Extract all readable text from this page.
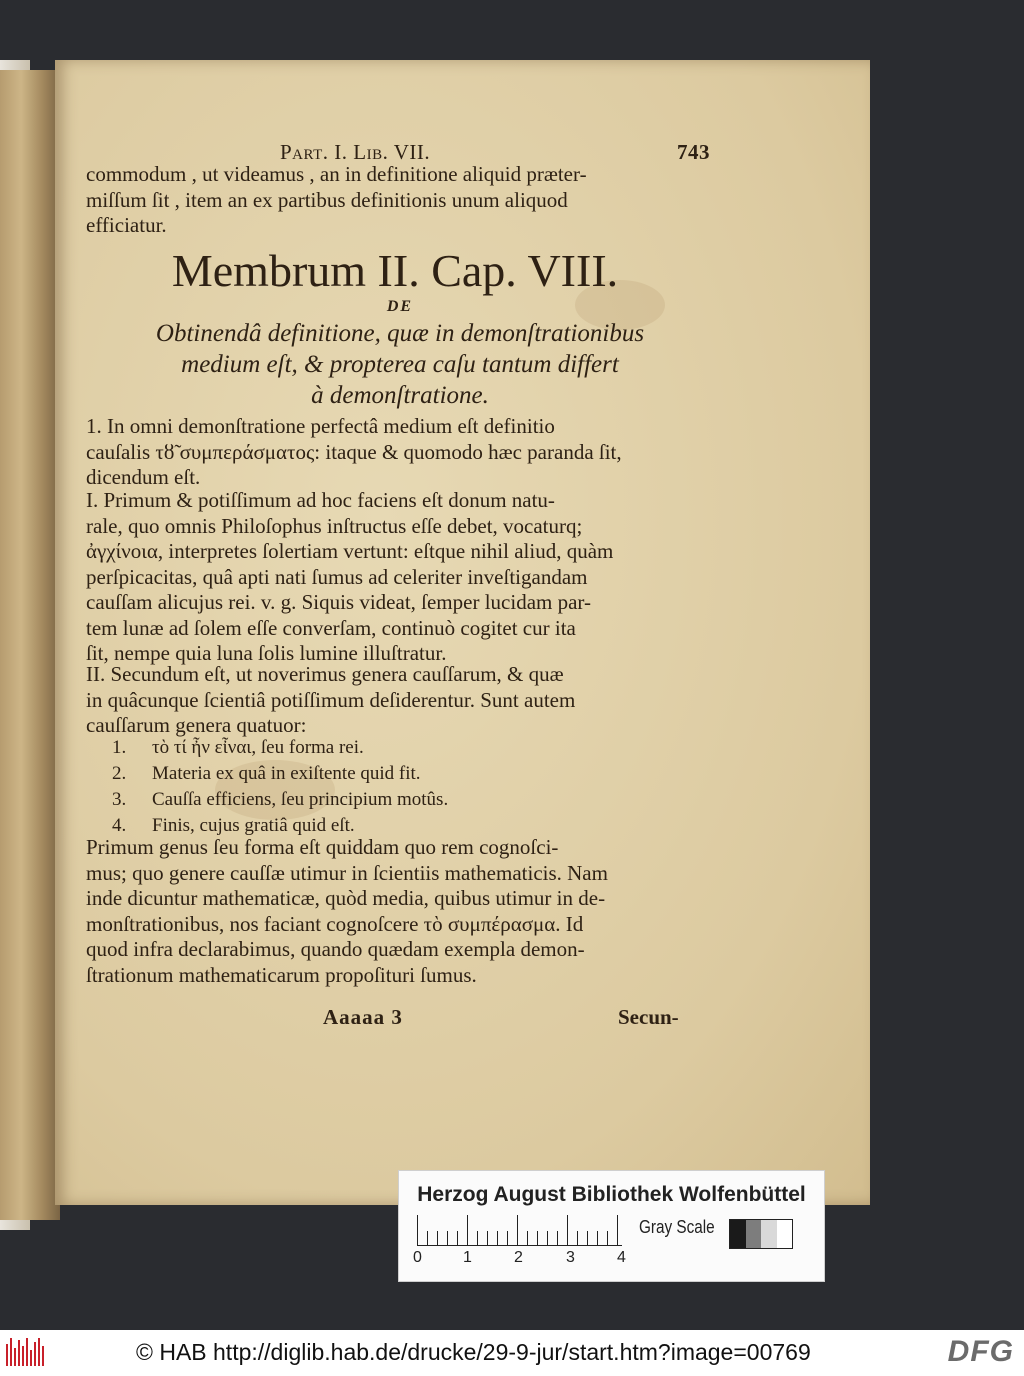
Part. I. Lib. VII.	743
commodum , ut videamus , an in definitione aliquid præter-
miſſum ſit , item an ex partibus definitionis unum aliquod
efficiatur.
Membrum II. Cap. VIII.
DE
Obtinendâ definitione, quæ in demonſtrationibus
medium eſt, & propterea caſu tantum differt
à demonſtratione.
1. In omni demonſtratione perfectâ medium eſt definitio
cauſalis τȣ̃ συμπεράσματος: itaque & quomodo hæc paranda ſit,
dicendum eſt.
I. Primum & potiſſimum ad hoc faciens eſt donum natu-
rale, quo omnis Philoſophus inſtructus eſſe debet, vocaturq;
ἀγχίνοια, interpretes ſolertiam vertunt: eſtque nihil aliud, quàm
perſpicacitas, quâ apti nati ſumus ad celeriter inveſtigandam
cauſſam alicujus rei. v. g. Siquis videat, ſemper lucidam par-
tem lunæ ad ſolem eſſe converſam, continuò cogitet cur ita
ſit, nempe quia luna ſolis lumine illuſtratur.
II. Secundum eſt, ut noverimus genera cauſſarum, & quæ
in quâcunque ſcientiâ potiſſimum deſiderentur. Sunt autem
cauſſarum genera quatuor:
1. τὸ τί ἦν εἶναι, ſeu forma rei.
2. Materia ex quâ in exiſtente quid fit.
3. Cauſſa efficiens, ſeu principium motûs.
4. Finis, cujus gratiâ quid eſt.
Primum genus ſeu forma eſt quiddam quo rem cognoſci-
mus; quo genere cauſſæ utimur in ſcientiis mathematicis. Nam
inde dicuntur mathematicæ, quòd media, quibus utimur in de-
monſtrationibus, nos faciant cognoſcere τὸ συμπέρασμα. Id
quod infra declarabimus, quando quædam exempla demon-
ſtrationum mathematicarum propoſituri ſumus.
Aaaaa 3	Secun-
Herzog August Bibliothek Wolfenbüttel
0	1	2	3	4
Gray Scale
© HAB http://diglib.hab.de/drucke/29-9-jur/start.htm?image=00769	DFG
